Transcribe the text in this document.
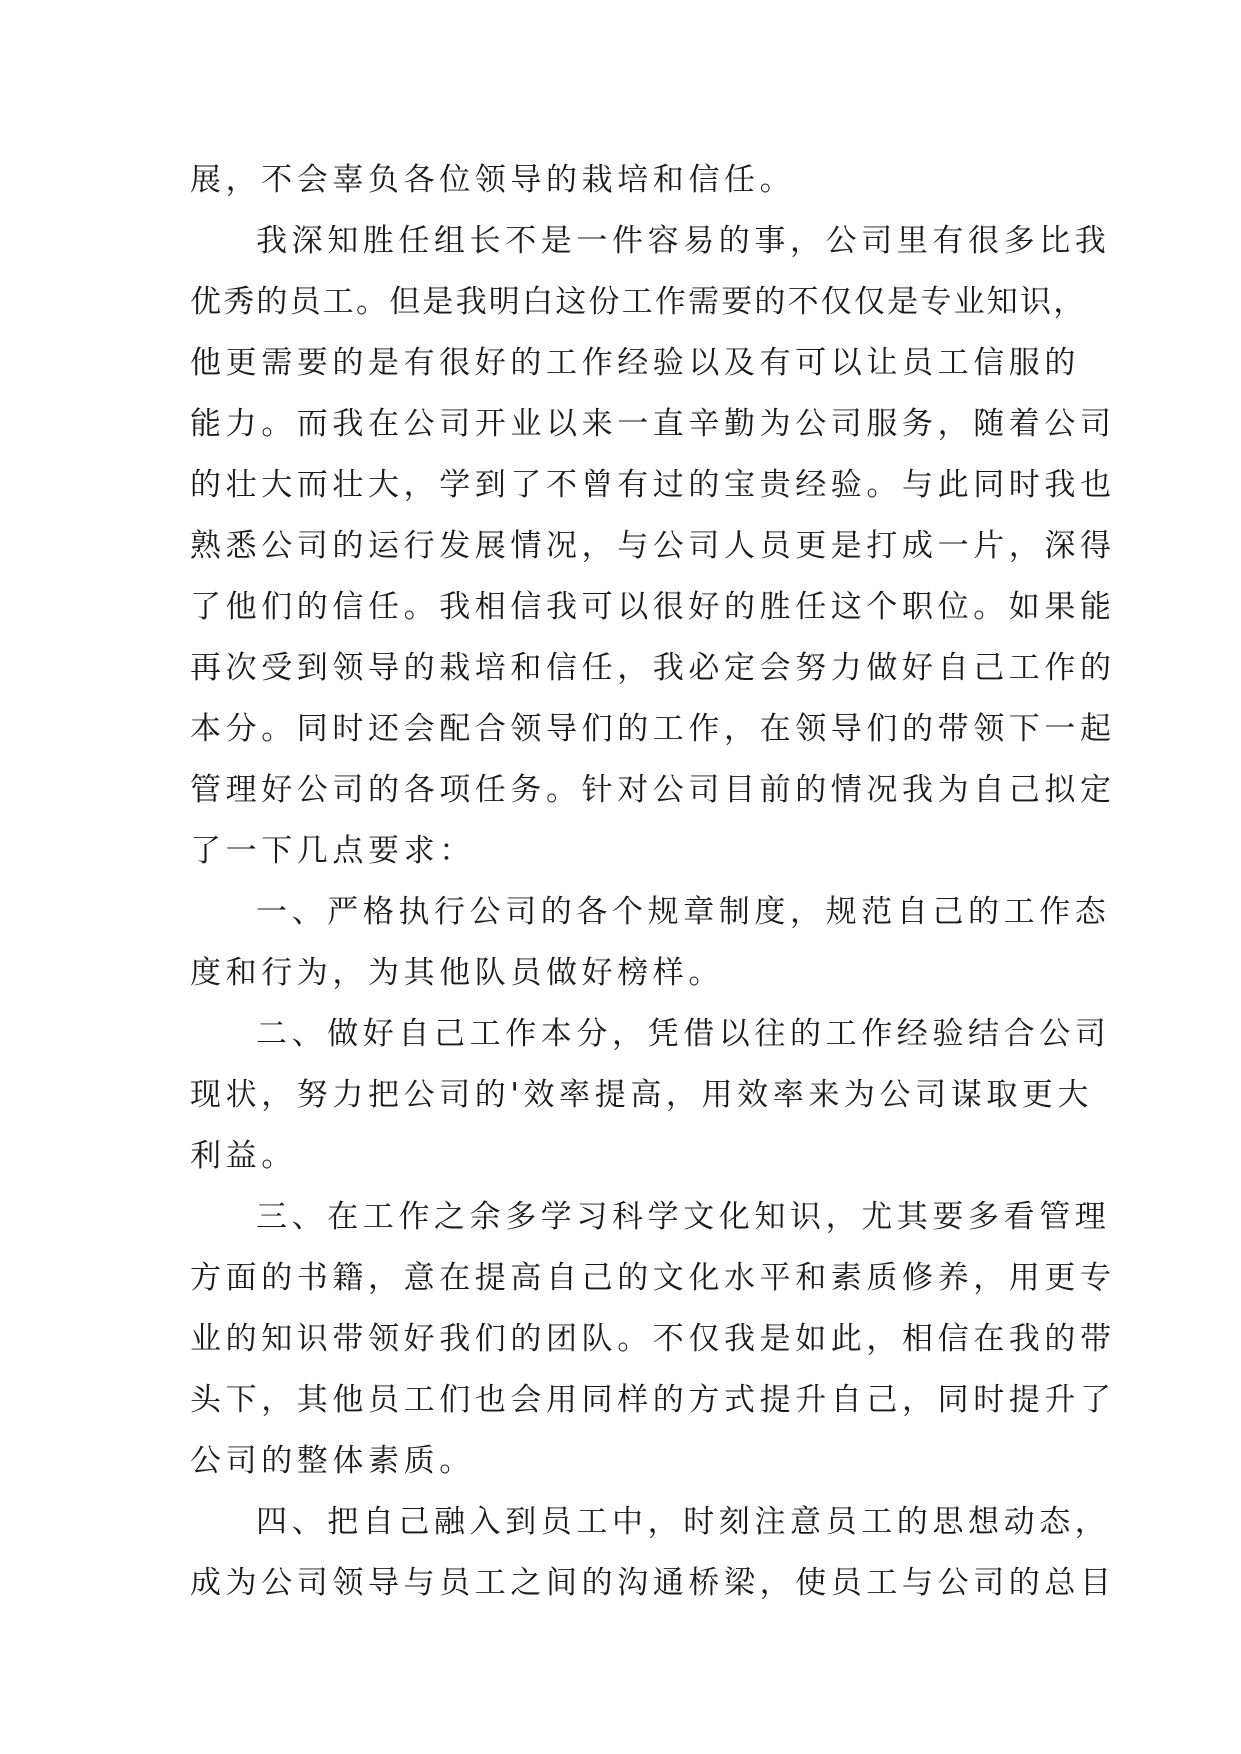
展，不会辜负各位领导的栽培和信任。
我深知胜任组长不是一件容易的事，公司里有很多比我
优秀的员工。但是我明白这份工作需要的不仅仅是专业知识，
他更需要的是有很好的工作经验以及有可以让员工信服的
能力。而我在公司开业以来一直辛勤为公司服务，随着公司
的壮大而壮大，学到了不曾有过的宝贵经验。与此同时我也
熟悉公司的运行发展情况，与公司人员更是打成一片，深得
了他们的信任。我相信我可以很好的胜任这个职位。如果能
再次受到领导的栽培和信任，我必定会努力做好自己工作的
本分。同时还会配合领导们的工作，在领导们的带领下一起
管理好公司的各项任务。针对公司目前的情况我为自己拟定
了一下几点要求：
一、严格执行公司的各个规章制度，规范自己的工作态
度和行为，为其他队员做好榜样。
二、做好自己工作本分，凭借以往的工作经验结合公司
现状，努力把公司的'效率提高，用效率来为公司谋取更大
利益。
三、在工作之余多学习科学文化知识，尤其要多看管理
方面的书籍，意在提高自己的文化水平和素质修养，用更专
业的知识带领好我们的团队。不仅我是如此，相信在我的带
头下，其他员工们也会用同样的方式提升自己，同时提升了
公司的整体素质。
四、把自己融入到员工中，时刻注意员工的思想动态，
成为公司领导与员工之间的沟通桥梁，使员工与公司的总目
